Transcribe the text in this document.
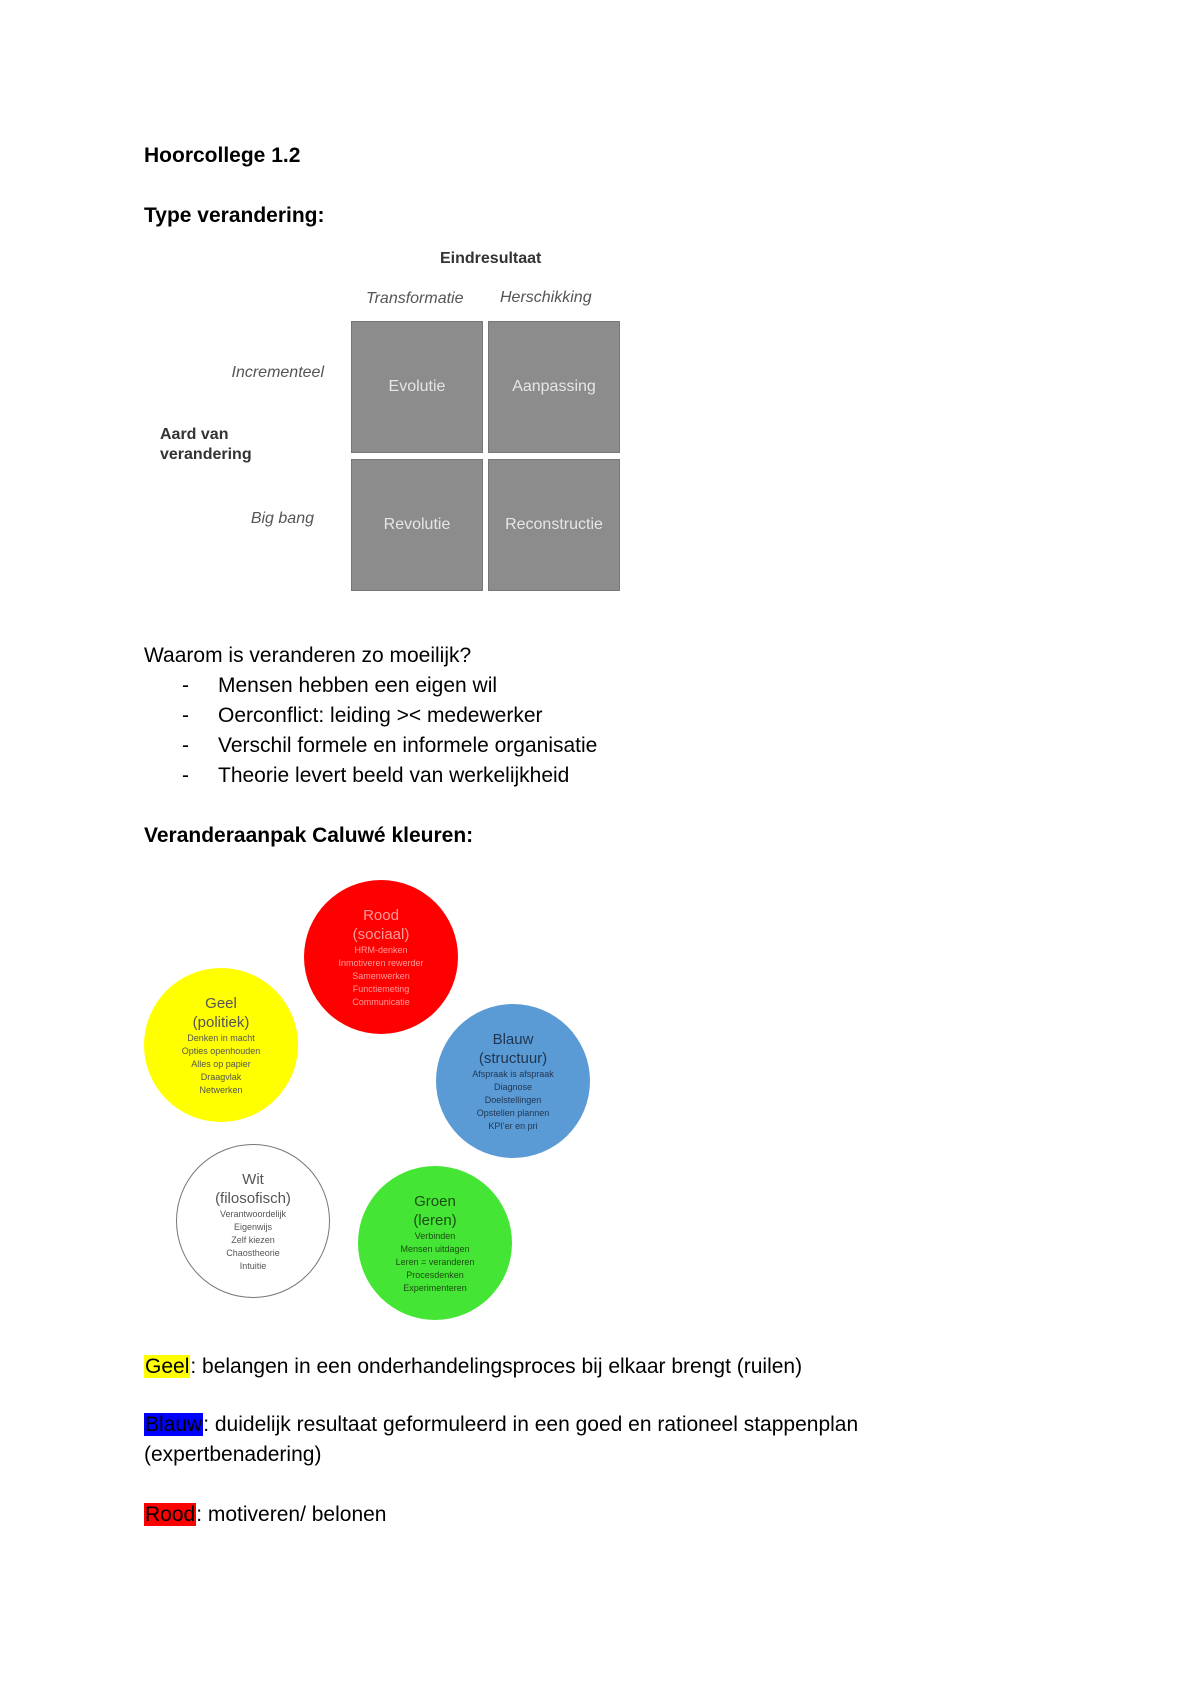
Hoorcollege 1.2
Type verandering:
Eindresultaat
Transformatie Herschikking
Incrementeel
Big bang
Aard van
verandering
Evolutie	Aanpassing
Revolutie	Reconstructie
Waarom is veranderen zo moeilijk?
- Mensen hebben een eigen wil
- Oerconflict: leiding >< medewerker
- Verschil formele en informele organisatie
- Theorie levert beeld van werkelijkheid
Veranderaanpak Caluwé kleuren:
Rood
(sociaal)
HRM-denken
Inmotiveren rewerder
Samenwerken
Functiemeting
Communicatie
Geel
(politiek)
Denken in macht
Opties openhouden
Alles op papier
Draagvlak
Netwerken
Blauw
(structuur)
Afspraak is afspraak
Diagnose
Doelstellingen
Opstellen plannen
KPI'er en pri
Wit
(filosofisch)
Verantwoordelijk
Eigenwijs
Zelf kiezen
Chaostheorie
Intuitie
Groen
(leren)
Verbinden
Mensen uitdagen
Leren = veranderen
Procesdenken
Experimenteren
Geel: belangen in een onderhandelingsproces bij elkaar brengt (ruilen)
Blauw: duidelijk resultaat geformuleerd in een goed en rationeel stappenplan
(expertbenadering)
Rood: motiveren/ belonen
